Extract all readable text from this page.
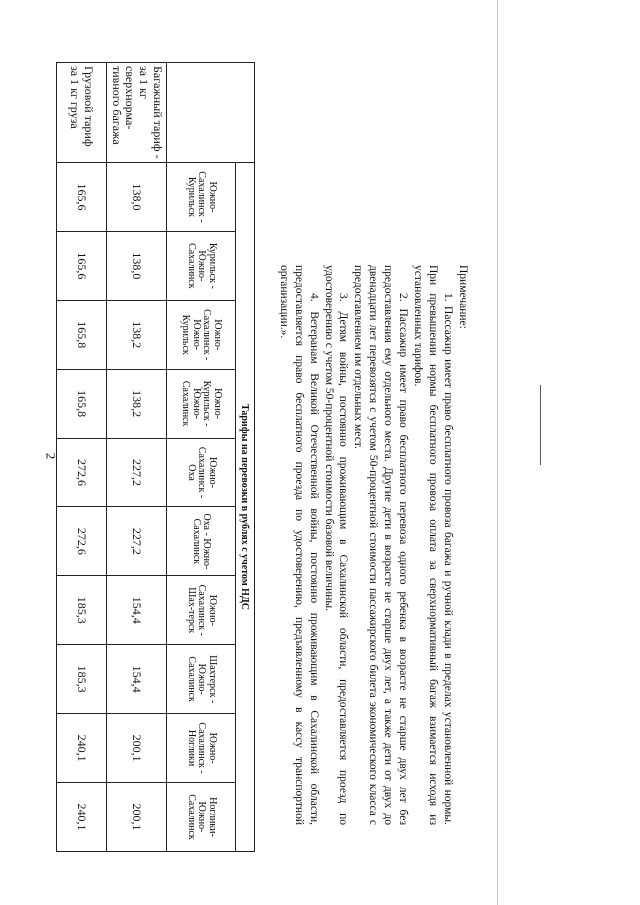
2
		Тарифы на перевозки в рублях с учетом НДС									
	Южно-Сахалинск - Курильск	Курильск - Южно-Сахалинск	Южно-Сахалинск - Южно-Курильск	Южно-Курильск - Южно-Сахалинск	Южно-Сахалинск - Оха	Оха - Южно-Сахалинск	Южно-Сахалинск - Шах-терск	Шахтерск - Южно-Сахалинск	Южно-Сахалинск - Ноглики	Ноглики-Южно-Сахалинск
Багажный тариф - за 1 кг сверхнорма-тивного багажа	138,0	138,0	138,2	138,2	227,2	227,2	154,4	154,4	200,1	200,1
Грузовой тариф за 1 кг груза	165,6	165,6	165,8	165,8	272,6	272,6	185,3	185,3	240,1	240,1

Примечание:

1. Пассажир имеет право бесплатного провоза багажа и ручной клади в пределах установленной нормы. При превышении нормы бесплатного провоза оплата за сверхнормативный багаж взимается исходя из установленных тарифов.

2. Пассажир имеет право бесплатного перевоза одного ребенка в возрасте не старше двух лет без предоставления ему отдельного места. Другие дети в возрасте не старше двух лет, а также дети от двух до двенадцати лет перевозятся с учетом 50-процентной стоимости пассажирского билета экономического класса с предоставлением им отдельных мест.

3. Детям войны, постоянно проживающим в Сахалинской области, предоставляется проезд по удостоверению с учетом 50-процентной стоимости базовой величины.

4. Ветеранам Великой Отечественной войны, постоянно проживающим в Сахалинской области, предоставляется право бесплатного проезда по удостоверению, предъявленному в кассу транспортной организации.».
